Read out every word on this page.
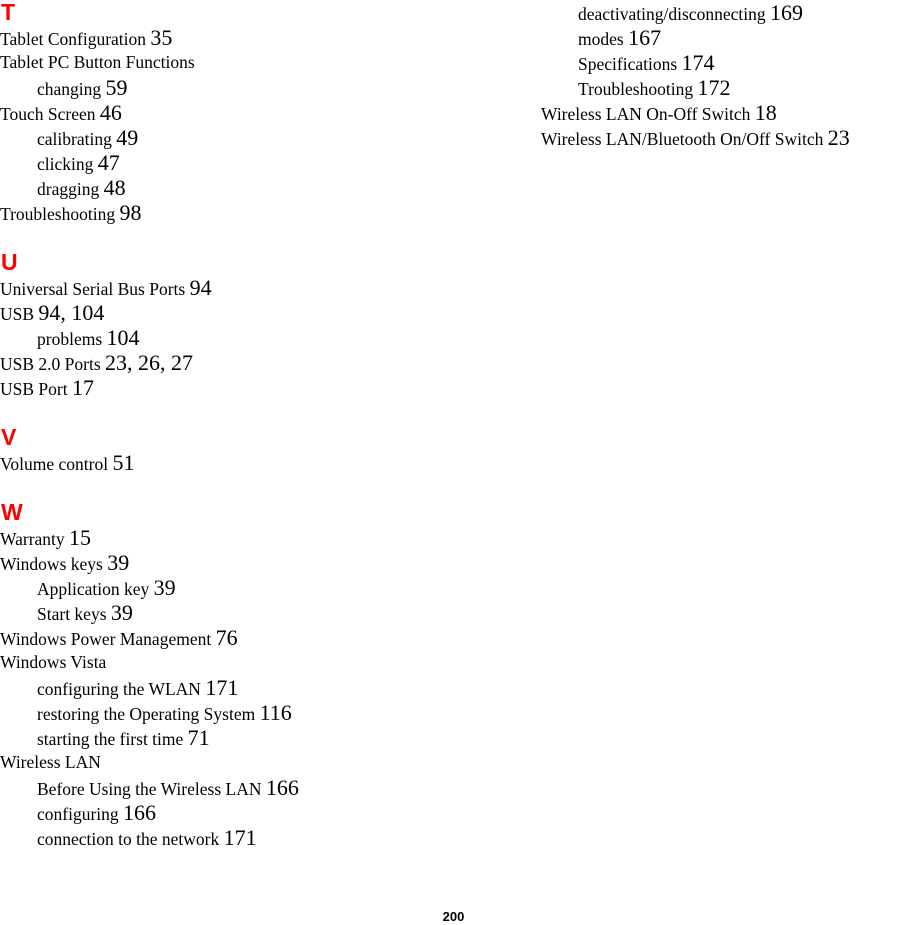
T
Tablet Configuration 35
Tablet PC Button Functions
changing 59
Touch Screen 46
calibrating 49
clicking 47
dragging 48
Troubleshooting 98
U
Universal Serial Bus Ports 94
USB 94, 104
problems 104
USB 2.0 Ports 23, 26, 27
USB Port 17
V
Volume control 51
W
Warranty 15
Windows keys 39
Application key 39
Start keys 39
Windows Power Management 76
Windows Vista
configuring the WLAN 171
restoring the Operating System 116
starting the first time 71
Wireless LAN
Before Using the Wireless LAN 166
configuring 166
connection to the network 171
deactivating/disconnecting 169
modes 167
Specifications 174
Troubleshooting 172
Wireless LAN On-Off Switch 18
Wireless LAN/Bluetooth On/Off Switch 23
200
